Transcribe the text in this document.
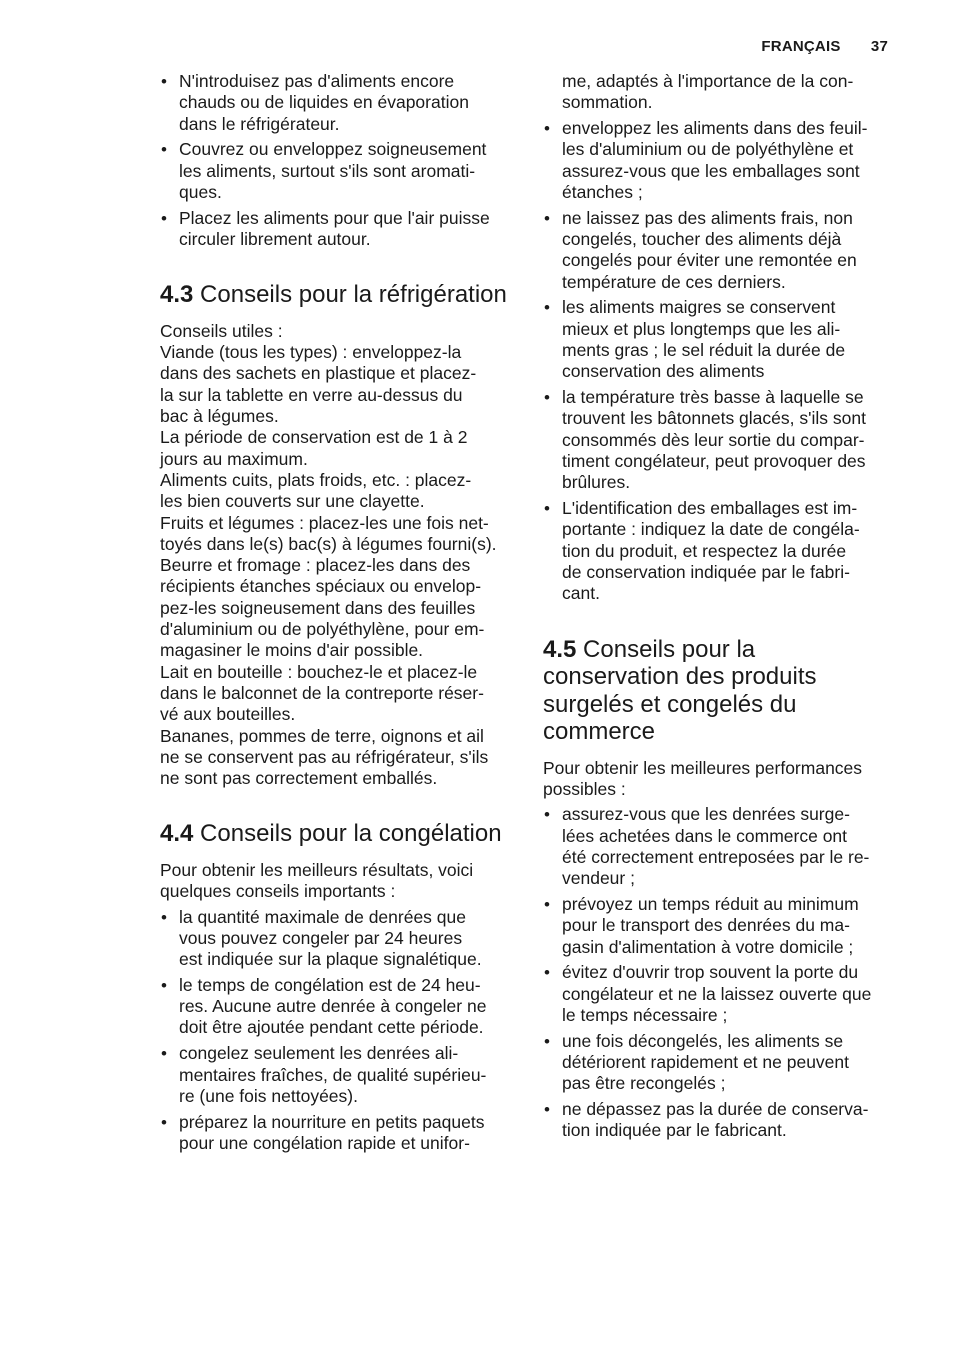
FRANÇAIS 37

• N'introduisez pas d'aliments encore
chauds ou de liquides en évaporation
dans le réfrigérateur.

• Couvrez ou enveloppez soigneusement
les aliments, surtout s'ils sont aromati-
ques.

• Placez les aliments pour que l'air puisse
circuler librement autour.

4.3 Conseils pour la réfrigération

Conseils utiles :
Viande (tous les types) : enveloppez-la
dans des sachets en plastique et placez-
la sur la tablette en verre au-dessus du
bac à légumes.
La période de conservation est de 1 à 2
jours au maximum.
Aliments cuits, plats froids, etc. : placez-
les bien couverts sur une clayette.
Fruits et légumes : placez-les une fois net-
toyés dans le(s) bac(s) à légumes fourni(s).
Beurre et fromage : placez-les dans des
récipients étanches spéciaux ou envelop-
pez-les soigneusement dans des feuilles
d'aluminium ou de polyéthylène, pour em-
magasiner le moins d'air possible.
Lait en bouteille : bouchez-le et placez-le
dans le balconnet de la contreporte réser-
vé aux bouteilles.
Bananes, pommes de terre, oignons et ail
ne se conservent pas au réfrigérateur, s'ils
ne sont pas correctement emballés.

4.4 Conseils pour la congélation

Pour obtenir les meilleurs résultats, voici
quelques conseils importants :

• la quantité maximale de denrées que
vous pouvez congeler par 24 heures
est indiquée sur la plaque signalétique.

• le temps de congélation est de 24 heu-
res. Aucune autre denrée à congeler ne
doit être ajoutée pendant cette période.

• congelez seulement les denrées ali-
mentaires fraîches, de qualité supérieu-
re (une fois nettoyées).

• préparez la nourriture en petits paquets
pour une congélation rapide et unifor-

me, adaptés à l'importance de la con-
sommation.

• enveloppez les aliments dans des feuil-
les d'aluminium ou de polyéthylène et
assurez-vous que les emballages sont
étanches ;

• ne laissez pas des aliments frais, non
congelés, toucher des aliments déjà
congelés pour éviter une remontée en
température de ces derniers.

• les aliments maigres se conservent
mieux et plus longtemps que les ali-
ments gras ; le sel réduit la durée de
conservation des aliments

• la température très basse à laquelle se
trouvent les bâtonnets glacés, s'ils sont
consommés dès leur sortie du compar-
timent congélateur, peut provoquer des
brûlures.

• L'identification des emballages est im-
portante : indiquez la date de congéla-
tion du produit, et respectez la durée
de conservation indiquée par le fabri-
cant.

4.5 Conseils pour la
conservation des produits
surgelés et congelés du
commerce

Pour obtenir les meilleures performances
possibles :

• assurez-vous que les denrées surge-
lées achetées dans le commerce ont
été correctement entreposées par le re-
vendeur ;

• prévoyez un temps réduit au minimum
pour le transport des denrées du ma-
gasin d'alimentation à votre domicile ;

• évitez d'ouvrir trop souvent la porte du
congélateur et ne la laissez ouverte que
le temps nécessaire ;

• une fois décongelés, les aliments se
détériorent rapidement et ne peuvent
pas être recongelés ;

• ne dépassez pas la durée de conserva-
tion indiquée par le fabricant.
